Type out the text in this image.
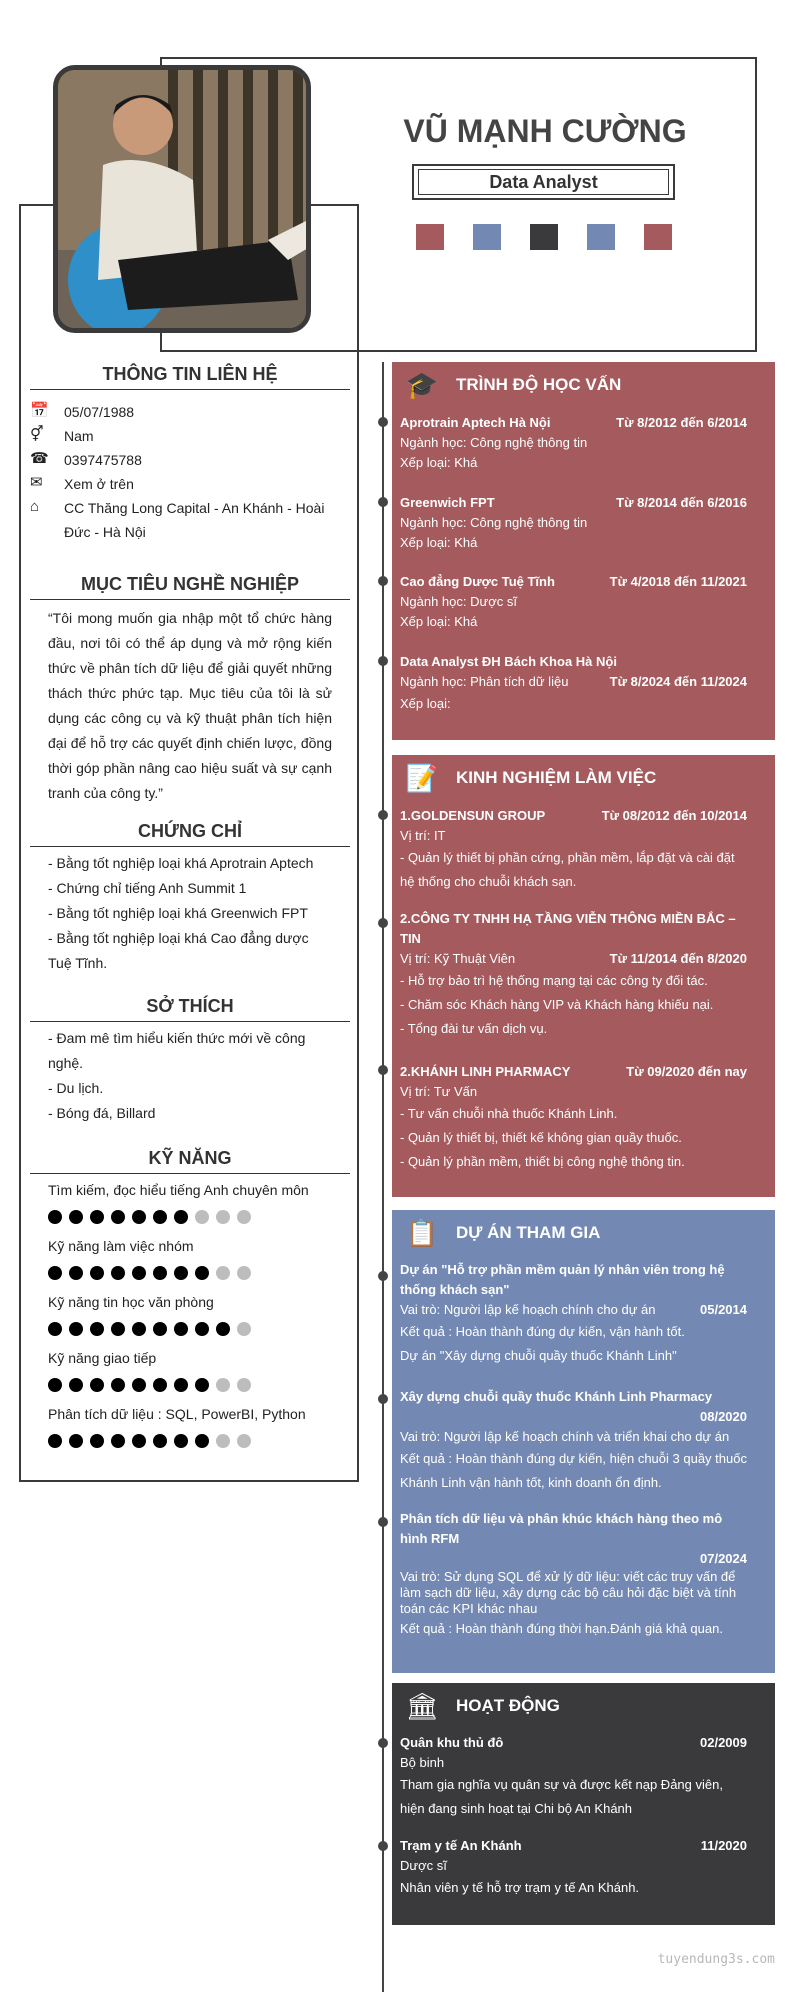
VŨ MẠNH CƯỜNG
Data Analyst
THÔNG TIN LIÊN HỆ
📅	05/07/1988
⚥	Nam
☎	0397475788
✉	Xem ở trên
⌂	CC Thăng Long Capital - An Khánh - Hoài Đức - Hà Nội
MỤC TIÊU NGHỀ NGHIỆP
“Tôi mong muốn gia nhập một tổ chức hàng đầu, nơi tôi có thể áp dụng và mở rộng kiến thức về phân tích dữ liệu để giải quyết những thách thức phức tạp. Mục tiêu của tôi là sử dụng các công cụ và kỹ thuật phân tích hiện đại để hỗ trợ các quyết định chiến lược, đồng thời góp phần nâng cao hiệu suất và sự cạnh tranh của công ty.”
CHỨNG CHỈ
- Bằng tốt nghiệp loại khá Aprotrain Aptech
- Chứng chỉ tiếng Anh Summit 1
- Bằng tốt nghiệp loại khá Greenwich FPT
- Bằng tốt nghiệp loại khá Cao đẳng dược Tuệ Tĩnh.
SỞ THÍCH
- Đam mê tìm hiểu kiến thức mới về công nghệ.
- Du lịch.
- Bóng đá, Billard
KỸ NĂNG
Tìm kiếm, đọc hiểu tiếng Anh chuyên môn
Kỹ năng làm việc nhóm
Kỹ năng tin học văn phòng
Kỹ năng giao tiếp
Phân tích dữ liệu : SQL, PowerBI, Python
🎓	TRÌNH ĐỘ HỌC VẤN
Aprotrain Aptech Hà Nội	Từ 8/2012 đến 6/2014
Ngành học: Công nghệ thông tin
Xếp loại: Khá
Greenwich FPT	Từ 8/2014 đến 6/2016
Ngành học: Công nghệ thông tin
Xếp loại: Khá
Cao đẳng Dược Tuệ Tĩnh	Từ 4/2018 đến 11/2021
Ngành học: Dược sĩ
Xếp loại: Khá
Data Analyst ĐH Bách Khoa Hà Nội
Ngành học: Phân tích dữ liệu	Từ 8/2024 đến 11/2024
Xếp loại:
📝	KINH NGHIỆM LÀM VIỆC
1.GOLDENSUN GROUP	Từ 08/2012 đến 10/2014
Vị trí: IT
- Quản lý thiết bị phần cứng, phần mềm, lắp đặt và cài đặt hệ thống cho chuỗi khách sạn.
2.CÔNG TY TNHH HẠ TẦNG VIỄN THÔNG MIỀN BẮC – TIN
Vị trí: Kỹ Thuật Viên	Từ 11/2014 đến 8/2020
- Hỗ trợ bảo trì hệ thống mạng tại các công ty đối tác.
- Chăm sóc Khách hàng VIP và Khách hàng khiếu nại.
- Tổng đài tư vấn dịch vụ.
2.KHÁNH LINH PHARMACY	Từ 09/2020 đến nay
Vị trí: Tư Vấn
- Tư vấn chuỗi nhà thuốc Khánh Linh.
- Quản lý thiết bị, thiết kế không gian quầy thuốc.
- Quản lý phần mềm, thiết bị công nghệ thông tin.
📋	DỰ ÁN THAM GIA
Dự án "Hỗ trợ phần mềm quản lý nhân viên trong hệ thống khách sạn"
Vai trò: Người lập kế hoạch chính cho dự án	05/2014
Kết quả : Hoàn thành đúng dự kiến, vận hành tốt.
Dự án "Xây dựng chuỗi quầy thuốc Khánh Linh"
Xây dựng chuỗi quầy thuốc Khánh Linh Pharmacy
08/2020
Vai trò: Người lập kế hoạch chính và triển khai cho dự án
Kết quả : Hoàn thành đúng dự kiến, hiện chuỗi 3 quầy thuốc Khánh Linh vận hành tốt, kinh doanh ổn định.
Phân tích dữ liệu và phân khúc khách hàng theo mô hình RFM
07/2024
Vai trò: Sử dụng SQL để xử lý dữ liệu: viết các truy vấn để làm sạch dữ liệu, xây dựng các bộ câu hỏi đặc biệt và tính toán các KPI khác nhau
Kết quả : Hoàn thành đúng thời hạn.Đánh giá khả quan.
🏛	HOẠT ĐỘNG
Quân khu thủ đô	02/2009
Bộ binh
Tham gia nghĩa vụ quân sự và được kết nạp Đảng viên, hiện đang sinh hoạt tại Chi bộ An Khánh
Trạm y tế An Khánh	11/2020
Dược sĩ
Nhân viên y tế hỗ trợ trạm y tế An Khánh.
tuyendung3s.com
